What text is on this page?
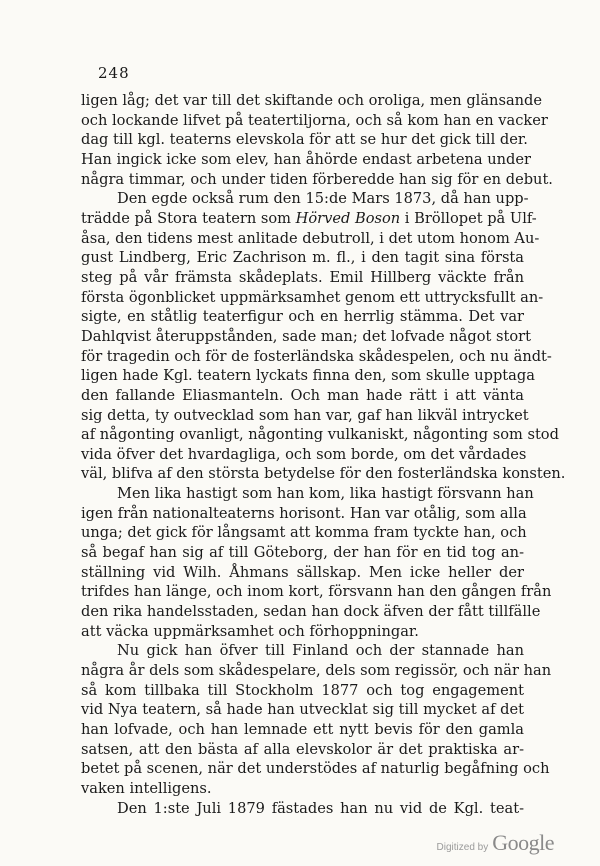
248
ligen låg; det var till det skiftande och oroliga, men glänsande
och lockande lifvet på teatertiljorna, och så kom han en vacker
dag till kgl. teaterns elevskola för att se hur det gick till der.
Han ingick icke som elev, han åhörde endast arbetena under
några timmar, och under tiden förberedde han sig för en debut.
Den egde också rum den 15:de Mars 1873, då han upp-
trädde på Stora teatern som Hörved Boson i Bröllopet på Ulf-
åsa, den tidens mest anlitade debutroll, i det utom honom Au-
gust Lindberg, Eric Zachrison m. fl., i den tagit sina första
steg på vår främsta skådeplats. Emil Hillberg väckte från
första ögonblicket uppmärksamhet genom ett uttrycksfullt an-
sigte, en ståtlig teaterfigur och en herrlig stämma. Det var
Dahlqvist återuppstånden, sade man; det lofvade något stort
för tragedin och för de fosterländska skådespelen, och nu ändt-
ligen hade Kgl. teatern lyckats finna den, som skulle upptaga
den fallande Eliasmanteln. Och man hade rätt i att vänta
sig detta, ty outvecklad som han var, gaf han likväl intrycket
af någonting ovanligt, någonting vulkaniskt, någonting som stod
vida öfver det hvardagliga, och som borde, om det vårdades
väl, blifva af den största betydelse för den fosterländska konsten.
Men lika hastigt som han kom, lika hastigt försvann han
igen från nationalteaterns horisont. Han var otålig, som alla
unga; det gick för långsamt att komma fram tyckte han, och
så begaf han sig af till Göteborg, der han för en tid tog an-
ställning vid Wilh. Åhmans sällskap. Men icke heller der
trifdes han länge, och inom kort, försvann han den gången från
den rika handelsstaden, sedan han dock äfven der fått tillfälle
att väcka uppmärksamhet och förhoppningar.
Nu gick han öfver till Finland och der stannade han
några år dels som skådespelare, dels som regissör, och när han
så kom tillbaka till Stockholm 1877 och tog engagement
vid Nya teatern, så hade han utvecklat sig till mycket af det
han lofvade, och han lemnade ett nytt bevis för den gamla
satsen, att den bästa af alla elevskolor är det praktiska ar-
betet på scenen, när det understödes af naturlig begåfning och
vaken intelligens.
Den 1:ste Juli 1879 fästades han nu vid de Kgl. teat-
Digitized by Google
